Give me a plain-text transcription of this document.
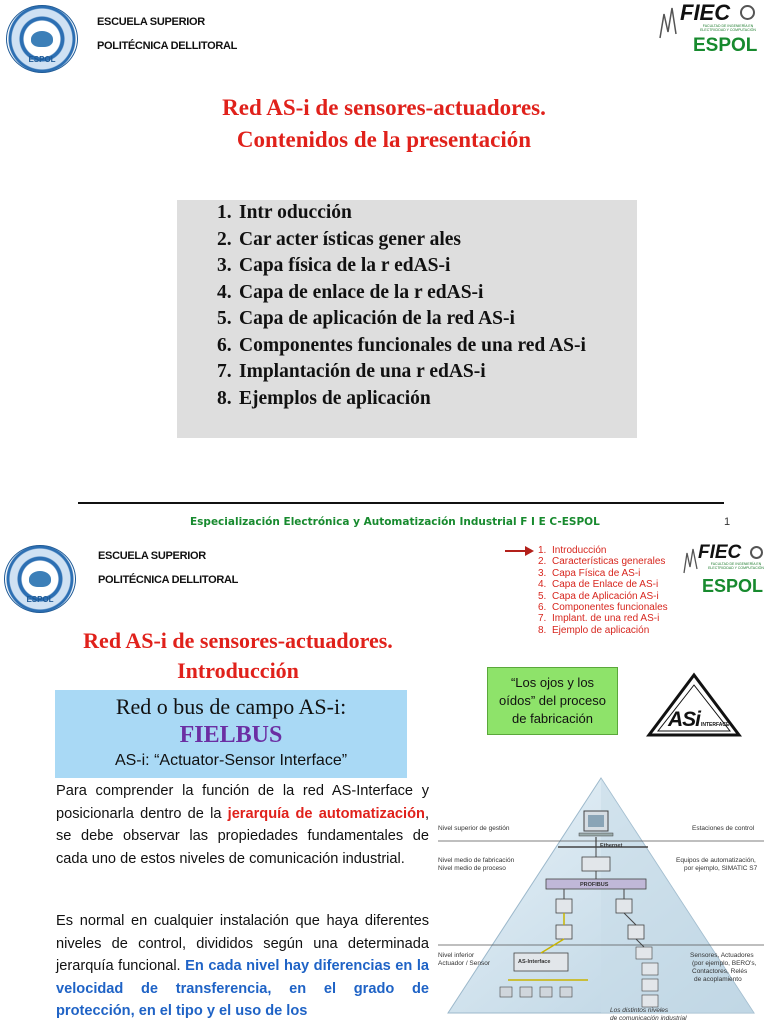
ESPOL
ESCUELA SUPERIOR
POLITÉCNICA DELLITORAL
FIEC
FACULTAD DE INGENIERÍA EN
ELECTRICIDAD Y COMPUTACIÓN
ESPOL
Red AS-i de sensores-actuadores.
Contenidos de la presentación
1. Intr oducción
2. Car acter ísticas gener ales
3. Capa física de la r edAS-i
4. Capa de enlace de la r edAS-i
5. Capa de aplicación de la red AS-i
6. Componentes funcionales de una red AS-i
7. Implantación de una r edAS-i
8. Ejemplos de aplicación
Especialización Electrónica y Automatización Industrial F I E C-ESPOL	1
ESPOL
ESCUELA SUPERIOR
POLITÉCNICA DELLITORAL
1. Introducción
2. Características generales
3. Capa Física de AS-i
4. Capa de Enlace de AS-i
5. Capa de Aplicación AS-i
6. Componentes funcionales
7. Implant. de una red AS-i
8. Ejemplo de aplicación
FIEC
FACULTAD DE INGENIERÍA EN
ELECTRICIDAD Y COMPUTACIÓN
ESPOL
Red AS-i de sensores-actuadores.
Introducción
Red o bus de campo AS-i:
FIELBUS
AS-i: “Actuator-Sensor Interface”
“Los ojos y los oídos” del proceso de fabricación	ASi INTERFACE
Para comprender la función de la red AS-Interface y posicionarla dentro de la jerarquía de automatización, se debe observar las propiedades fundamentales de cada uno de estos niveles de comunicación industrial.
Es normal en cualquier instalación que haya diferentes niveles de control, divididos según una determinada jerarquía funcional. En cada nivel hay diferencias en la velocidad de transferencia, en el grado de protección, en el tipo y el uso de los
Nivel superior de gestión
Nivel medio de fabricación
Nivel medio de proceso
Nivel inferior
Actuador / Sensor
Estaciones de control
Equipos de automatización,
por ejemplo, SIMATIC S7
Sensores, Actuadores
(por ejemplo, BERO's,
Contactores, Relés
de acoplamiento
Ethernet
PROFIBUS
AS-Interface
Los distintos niveles
de comunicación industrial
